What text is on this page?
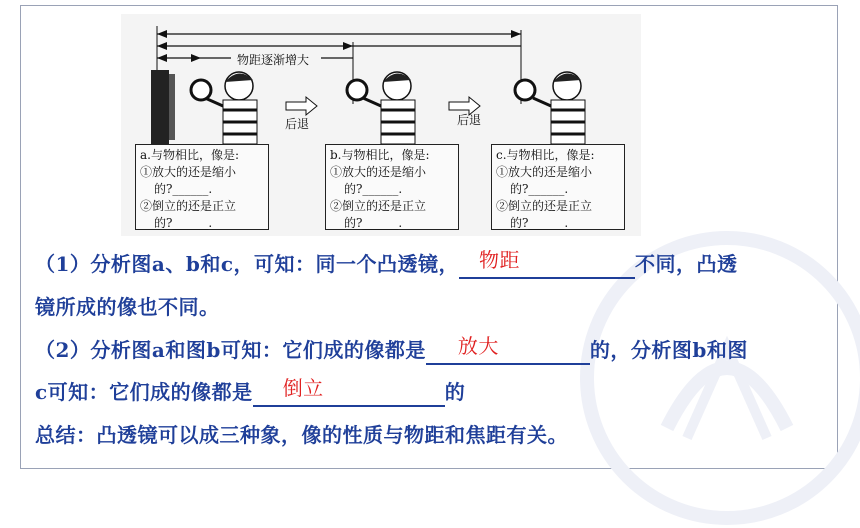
物距逐渐增大
后退	后退
a.与物相比，像是:
①放大的还是缩小
的?______.
②倒立的还是正立
的?______.
b.与物相比，像是:
①放大的还是缩小
的?______.
②倒立的还是正立
的?______.
c.与物相比，像是:
①放大的还是缩小
的?______.
②倒立的还是正立
的?______.
（1）分析图a、b和c，可知：同一个凸透镜， 物距	不同，凸透
镜所成的像也不同。
（2）分析图a和图b可知：它们成的像都是 放大	的，分析图b和图
c可知：它们成的像都是 倒立	的
总结：凸透镜可以成三种象，像的性质与物距和焦距有关。
